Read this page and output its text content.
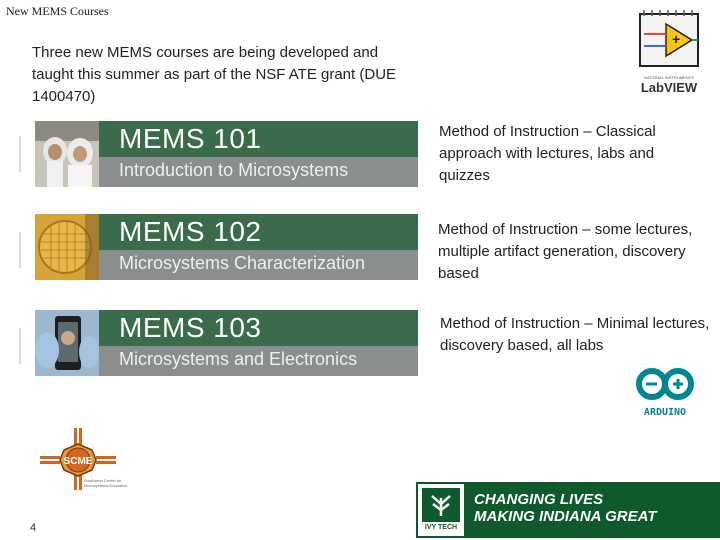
New MEMS Courses
Three new MEMS courses are being developed and taught this summer as part of the NSF ATE grant (DUE 1400470)
+
NATIONAL INSTRUMENTS
LabVIEW
MEMS 101
Introduction to Microsystems
Method of Instruction – Classical approach with lectures, labs and quizzes
MEMS 102
Microsystems Characterization
Method of Instruction – some lectures, multiple artifact generation, discovery based
MEMS 103
Microsystems and Electronics
Method of Instruction – Minimal lectures, discovery based, all labs
ARDUINO
SCME
Southwest Center for Microsystems Education
4	IVY TECH
CHANGING LIVES
MAKING INDIANA GREAT
